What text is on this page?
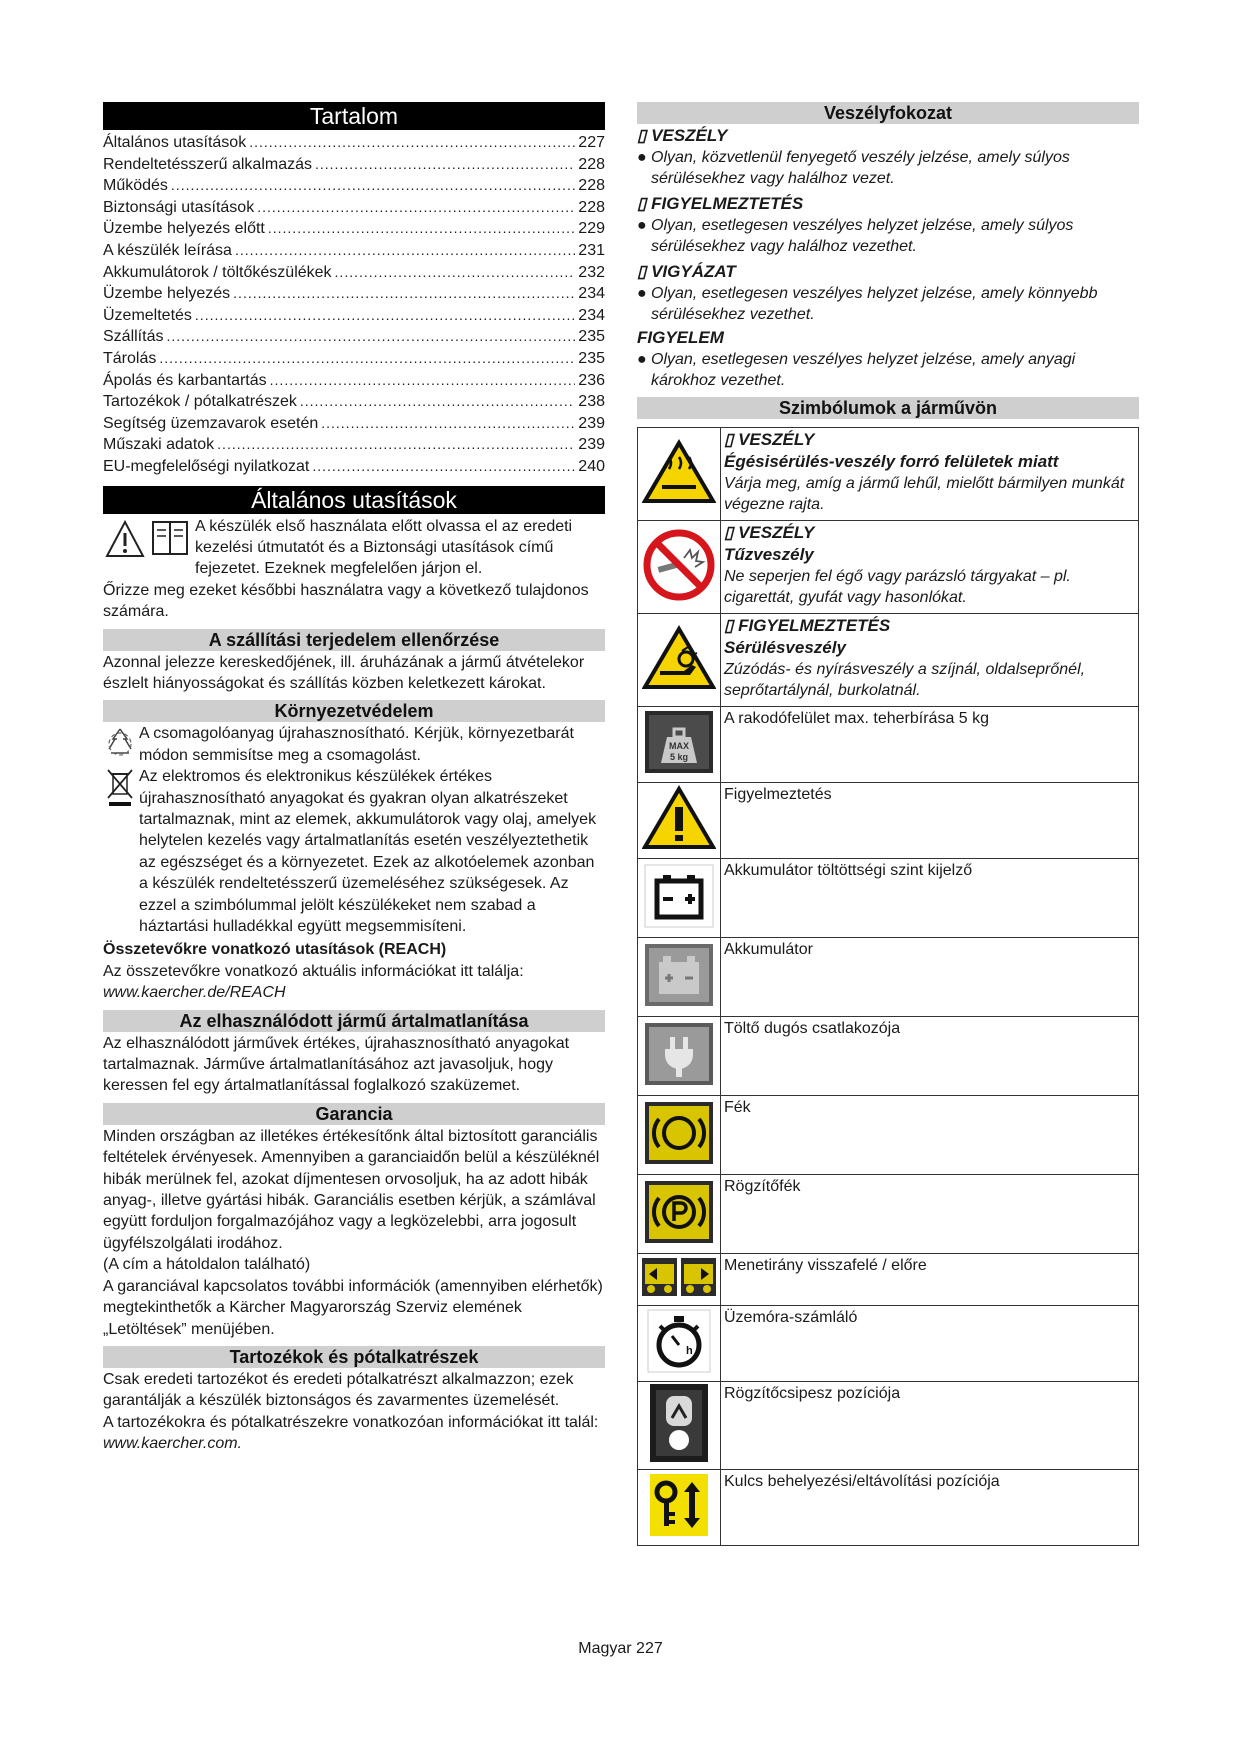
Tartalom
Általános utasítások .....	227
Rendeltetésszerű alkalmazás .....	228
Működés .....	228
Biztonsági utasítások .....	228
Üzembe helyezés előtt .....	229
A készülék leírása .....	231
Akkumulátorok / töltőkészülékek .....	232
Üzembe helyezés .....	234
Üzemeltetés .....	234
Szállítás .....	235
Tárolás .....	235
Ápolás és karbantartás .....	236
Tartozékok / pótalkatrészek .....	238
Segítség üzemzavarok esetén .....	239
Műszaki adatok .....	239
EU-megfelelőségi nyilatkozat .....	240
Általános utasítások

A készülék első használata előtt olvassa el az eredeti kezelési útmutatót és a Biztonsági utasítások című fejezetet. Ezeknek megfelelően járjon el.

Őrizze meg ezeket későbbi használatra vagy a következő tulajdonos számára.

A szállítási terjedelem ellenőrzése

Azonnal jelezze kereskedőjének, ill. áruházának a jármű átvételekor észlelt hiányosságokat és szállítás közben keletkezett károkat.

Környezetvédelem

A csomagolóanyag újrahasznosítható. Kérjük, környezetbarát módon semmisítse meg a csomagolást.

Az elektromos és elektronikus készülékek értékes újrahasznosítható anyagokat és gyakran olyan alkatrészeket tartalmaznak, mint az elemek, akkumulátorok vagy olaj, amelyek helytelen kezelés vagy ártalmatlanítás esetén veszélyeztethetik az egészséget és a környezetet. Ezek az alkotóelemek azonban a készülék rendeltetésszerű üzemeléséhez szükségesek. Az ezzel a szimbólummal jelölt készülékeket nem szabad a háztartási hulladékkal együtt megsemmisíteni.

Összetevőkre vonatkozó utasítások (REACH)

Az összetevőkre vonatkozó aktuális információkat itt találja:

www.kaercher.de/REACH

Az elhasználódott jármű ártalmatlanítása

Az elhasználódott járművek értékes, újrahasznosítható anyagokat tartalmaznak. Járműve ártalmatlanításához azt javasoljuk, hogy keressen fel egy ártalmatlanítással foglalkozó szaküzemet.

Garancia

Minden országban az illetékes értékesítőnk által biztosított garanciális feltételek érvényesek. Amennyiben a garanciaidőn belül a készüléknél hibák merülnek fel, azokat díjmentesen orvosoljuk, ha az adott hibák anyag-, illetve gyártási hibák. Garanciális esetben kérjük, a számlával együtt forduljon forgalmazójához vagy a legközelebbi, arra jogosult ügyfélszolgálati irodához.

(A cím a hátoldalon található)

A garanciával kapcsolatos további információk (amennyiben elérhetők) megtekinthetők a Kärcher Magyarország Szerviz elemének „Letöltések” menüjében.

Tartozékok és pótalkatrészek

Csak eredeti tartozékot és eredeti pótalkatrészt alkalmazzon; ezek garantálják a készülék biztonságos és zavarmentes üzemelését.

A tartozékokra és pótalkatrészekre vonatkozóan információkat itt talál: www.kaercher.com.

Veszélyfokozat
▯ VESZÉLY
● Olyan, közvetlenül fenyegető veszély jelzése, amely súlyos sérülésekhez vagy halálhoz vezet.
▯ FIGYELMEZTETÉS
● Olyan, esetlegesen veszélyes helyzet jelzése, amely súlyos sérülésekhez vagy halálhoz vezethet.
▯ VIGYÁZAT
● Olyan, esetlegesen veszélyes helyzet jelzése, amely könnyebb sérülésekhez vezethet.
FIGYELEM
● Olyan, esetlegesen veszélyes helyzet jelzése, amely anyagi károkhoz vezethet.
Szimbólumok a járművön

▯ VESZÉLY
Égésisérülés-veszély forró felületek miatt
Várja meg, amíg a jármű lehűl, mielőtt bármilyen munkát végezne rajta.

▯ VESZÉLY
Tűzveszély
Ne seperjen fel égő vagy parázsló tárgyakat – pl. cigarettát, gyufát vagy hasonlókat.

▯ FIGYELMEZTETÉS
Sérülésveszély
Zúzódás- és nyírásveszély a szíjnál, oldalseprőnél, seprőtartálynál, burkolatnál.

MAX
5 kg	A rakodófelület max. teherbírása 5 kg
	Figyelmeztetés
	Akkumulátor töltöttségi szint kijelző
	Akkumulátor
	Töltő dugós csatlakozója
	Fék
	Rögzítőfék
	Menetirány visszafelé / előre

h	Üzemóra-számláló
	Rögzítőcsipesz pozíciója
	Kulcs behelyezési/eltávolítási pozíciója
Magyar 227
